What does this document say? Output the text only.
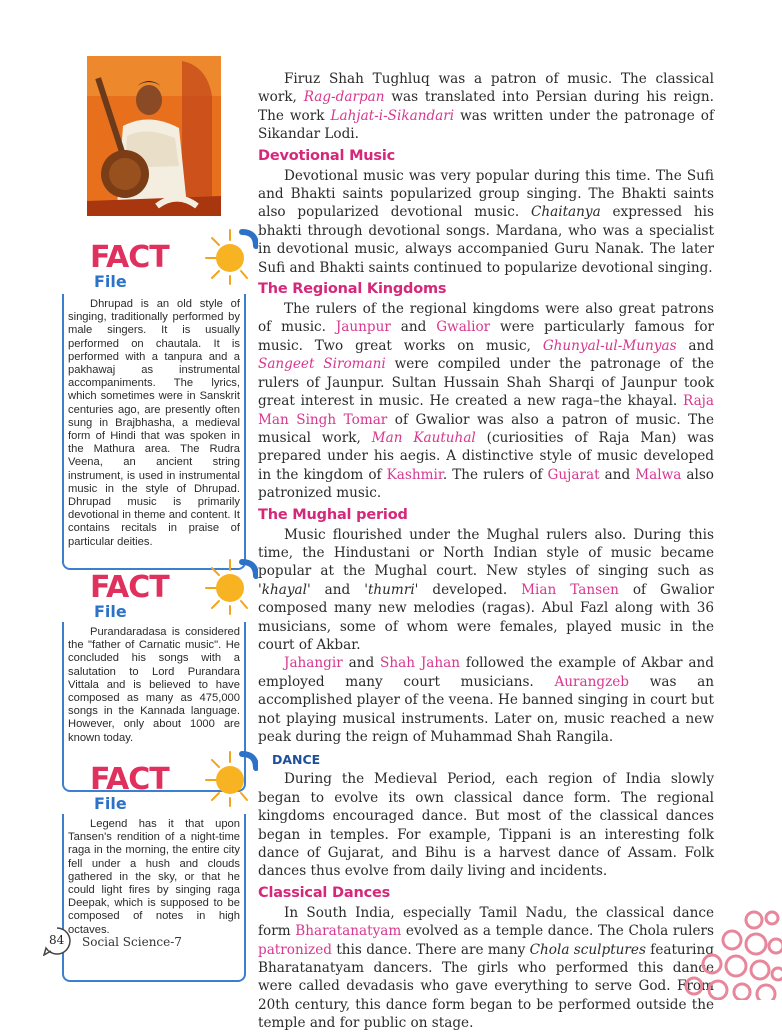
FACT
File

Dhrupad is an old style of singing, traditionally performed by male singers. It is usually performed on chautala. It is performed with a tanpura and a pakhawaj as instrumental accompaniments. The lyrics, which sometimes were in Sanskrit centuries ago, are presently often sung in Brajbhasha, a medieval form of Hindi that was spoken in the Mathura area. The Rudra Veena, an ancient string instrument, is used in instrumental music in the style of Dhrupad. Dhrupad music is primarily devotional in theme and content. It contains recitals in praise of particular deities.

FACT
File

Purandaradasa is considered the "father of Carnatic music". He concluded his songs with a salutation to Lord Purandara Vittala and is believed to have composed as many as 475,000 songs in the Kannada language. However, only about 1000 are known today.

FACT
File

Legend has it that upon Tansen's rendition of a night-time raga in the morning, the entire city fell under a hush and clouds gathered in the sky, or that he could light fires by singing raga Deepak, which is supposed to be composed of notes in high octaves.

Firuz Shah Tughluq was a patron of music. The classical work, Rag-darpan was translated into Persian during his reign. The work Lahjat-i-Sikandari was written under the patronage of Sikandar Lodi.

Devotional Music

Devotional music was very popular during this time. The Sufi and Bhakti saints popularized group singing. The Bhakti saints also popularized devotional music. Chaitanya expressed his bhakti through devotional songs. Mardana, who was a specialist in devotional music, always accompanied Guru Nanak. The later Sufi and Bhakti saints continued to popularize devotional singing.

The Regional Kingdoms

The rulers of the regional kingdoms were also great patrons of music. Jaunpur and Gwalior were particularly famous for music. Two great works on music, Ghunyal-ul-Munyas and Sangeet Siromani were compiled under the patronage of the rulers of Jaunpur. Sultan Hussain Shah Sharqi of Jaunpur took great interest in music. He created a new raga–the khayal. Raja Man Singh Tomar of Gwalior was also a patron of music. The musical work, Man Kautuhal (curiosities of Raja Man) was prepared under his aegis. A distinctive style of music developed in the kingdom of Kashmir. The rulers of Gujarat and Malwa also patronized music.

The Mughal period

Music flourished under the Mughal rulers also. During this time, the Hindustani or North Indian style of music became popular at the Mughal court. New styles of singing such as 'khayal' and 'thumri' developed. Mian Tansen of Gwalior composed many new melodies (ragas). Abul Fazl along with 36 musicians, some of whom were females, played music in the court of Akbar.

Jahangir and Shah Jahan followed the example of Akbar and employed many court musicians. Aurangzeb was an accomplished player of the veena. He banned singing in court but not playing musical instruments. Later on, music reached a new peak during the reign of Muhammad Shah Rangila.

DANCE

During the Medieval Period, each region of India slowly began to evolve its own classical dance form. The regional kingdoms encouraged dance. But most of the classical dances began in temples. For example, Tippani is an interesting folk dance of Gujarat, and Bihu is a harvest dance of Assam. Folk dances thus evolve from daily living and incidents.

Classical Dances

In South India, especially Tamil Nadu, the classical dance form Bharatanatyam evolved as a temple dance. The Chola rulers patronized this dance. There are many Chola sculptures featuring Bharatanatyam dancers. The girls who performed this dance were called devadasis who gave everything to serve God. From 20th century, this dance form began to be performed outside the temple and for public on stage.

84 Social Science-7
